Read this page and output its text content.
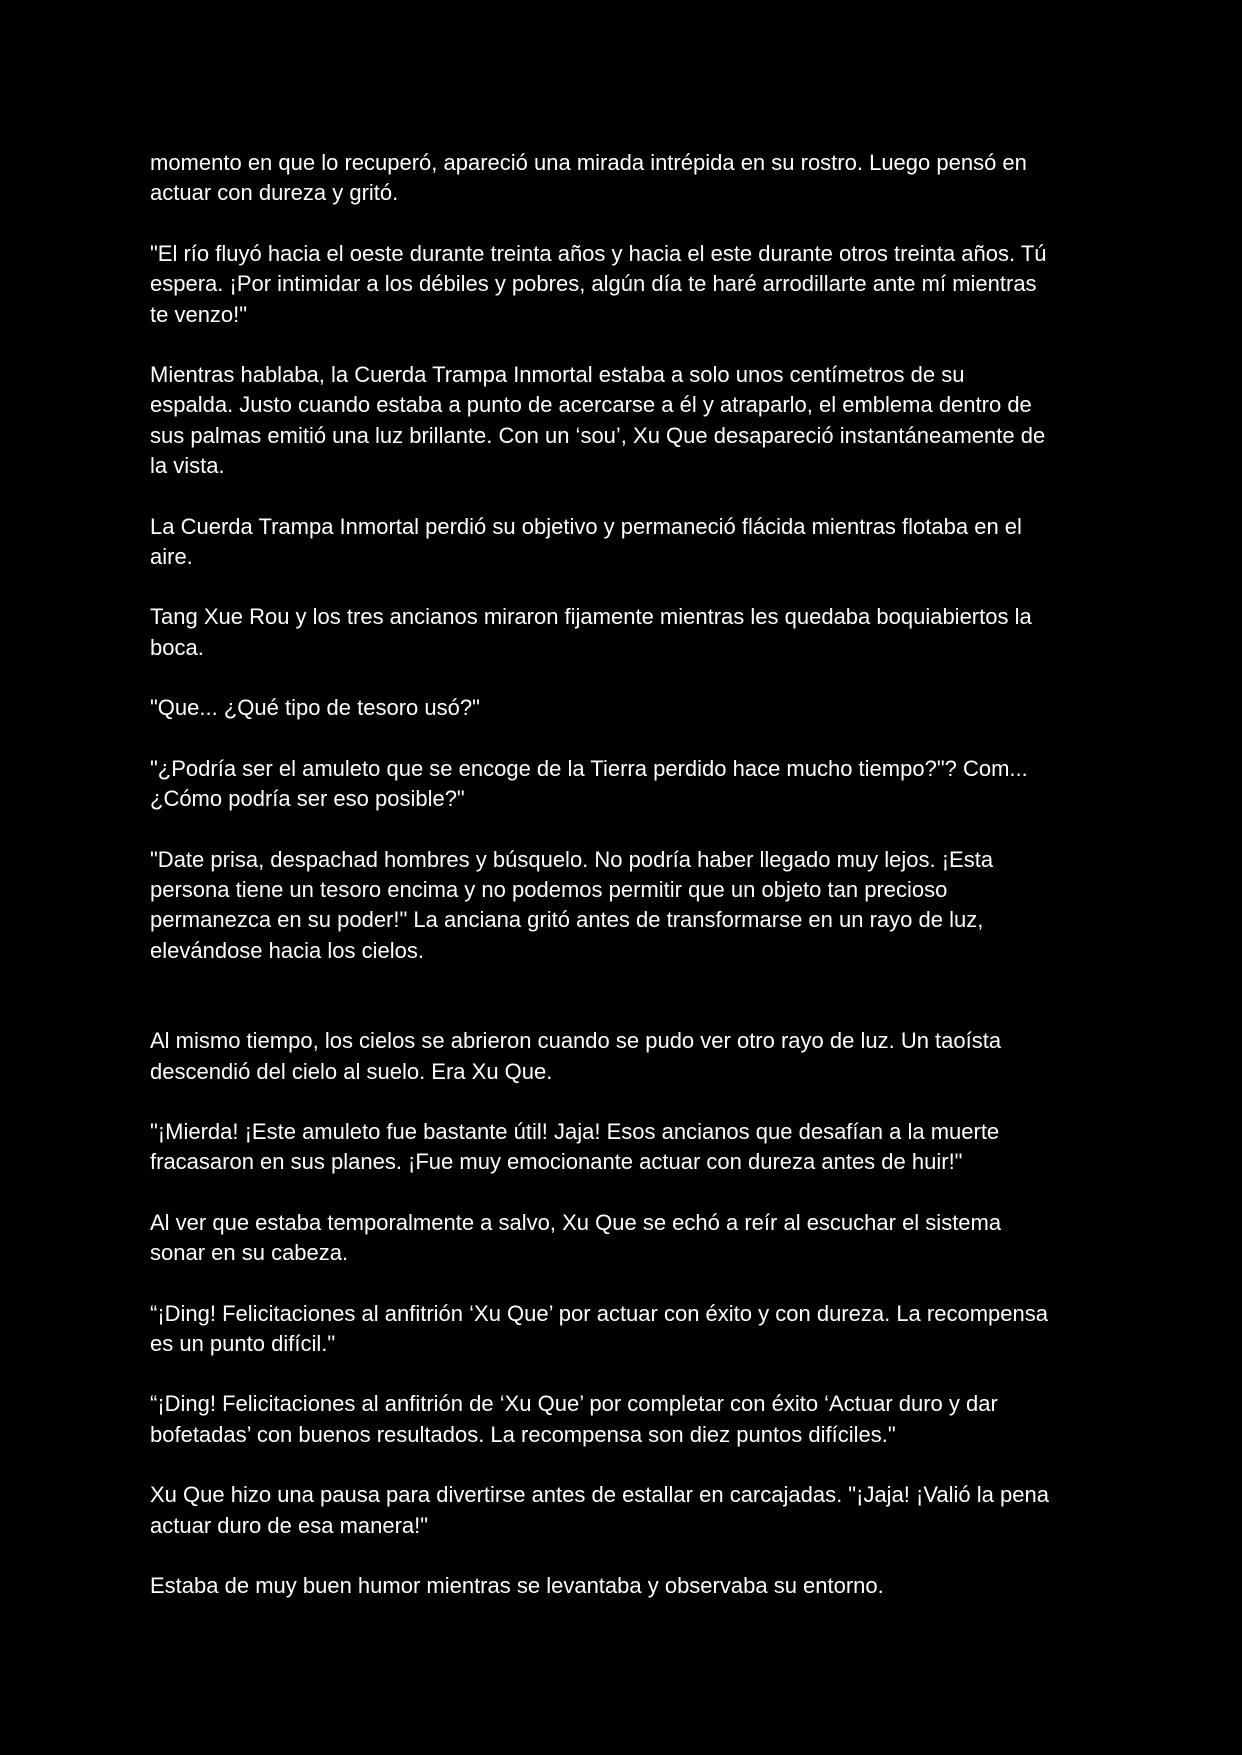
momento en que lo recuperó, apareció una mirada intrépida en su rostro. Luego pensó en
actuar con dureza y gritó.

"El río fluyó hacia el oeste durante treinta años y hacia el este durante otros treinta años. Tú
espera. ¡Por intimidar a los débiles y pobres, algún día te haré arrodillarte ante mí mientras
te venzo!"

Mientras hablaba, la Cuerda Trampa Inmortal estaba a solo unos centímetros de su
espalda. Justo cuando estaba a punto de acercarse a él y atraparlo, el emblema dentro de
sus palmas emitió una luz brillante. Con un ‘sou’, Xu Que desapareció instantáneamente de
la vista.

La Cuerda Trampa Inmortal perdió su objetivo y permaneció flácida mientras flotaba en el
aire.

Tang Xue Rou y los tres ancianos miraron fijamente mientras les quedaba boquiabiertos la
boca.

"Que... ¿Qué tipo de tesoro usó?"

"¿Podría ser el amuleto que se encoge de la Tierra perdido hace mucho tiempo?"? Com...
¿Cómo podría ser eso posible?"

"Date prisa, despachad hombres y búsquelo. No podría haber llegado muy lejos. ¡Esta
persona tiene un tesoro encima y no podemos permitir que un objeto tan precioso
permanezca en su poder!" La anciana gritó antes de transformarse en un rayo de luz,
elevándose hacia los cielos.

Al mismo tiempo, los cielos se abrieron cuando se pudo ver otro rayo de luz. Un taoísta
descendió del cielo al suelo. Era Xu Que.

"¡Mierda! ¡Este amuleto fue bastante útil! Jaja! Esos ancianos que desafían a la muerte
fracasaron en sus planes. ¡Fue muy emocionante actuar con dureza antes de huir!"

Al ver que estaba temporalmente a salvo, Xu Que se echó a reír al escuchar el sistema
sonar en su cabeza.

“¡Ding! Felicitaciones al anfitrión ‘Xu Que’ por actuar con éxito y con dureza. La recompensa
es un punto difícil."

“¡Ding! Felicitaciones al anfitrión de ‘Xu Que’ por completar con éxito ‘Actuar duro y dar
bofetadas’ con buenos resultados. La recompensa son diez puntos difíciles."

Xu Que hizo una pausa para divertirse antes de estallar en carcajadas. "¡Jaja! ¡Valió la pena
actuar duro de esa manera!"

Estaba de muy buen humor mientras se levantaba y observaba su entorno.
